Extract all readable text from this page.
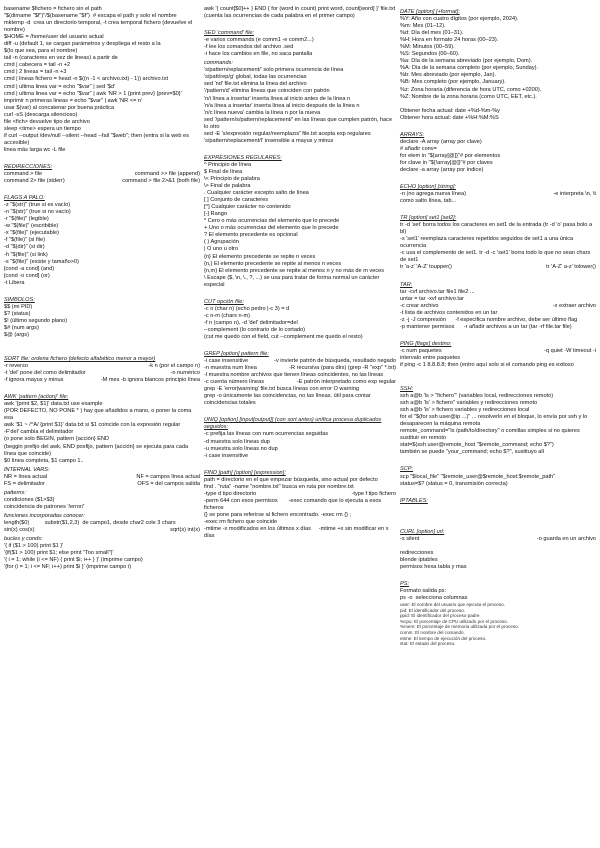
basename $fichero = fichero sin el path
"$(dirname "$f")"/$(basename "$f")  # escapa el path y solo el nombre
mktemp -d  crea un directorio temporal, -t crea temporal fichero (devuelve el nombre)
$HOME = /home/user del usuario actual
diff -u (default 1, se cargan parámetros y despliega el resto a la
$(lo que sea, para el nombre)
tail -n (caracteres en vez de lineas) a partir de
cmd | cabecera = tail -n +2
cmd | 2 lineas = tail -n +3
cmd | lineas fichero = head -n $((n -1 < archivo.txt) - 1)) archivo.txt
cmd | ultima linea var = echo "$var" | sed '$d'
cmd | ultima linea var = echo "$var" | awk 'NR > 1 {print prev} {prev=$0}'
imprimir n primeras lineas = echo "$var" | awk 'NR <= n'
usar $(var) al concatenar por buena práctica
curl -sS (descarga silencioso)
file <fich> devuelve tipo de archivo
sleep <time> espera un tiempo
if curl --output /dev/null --silent --head --fail "$web"; then (entra si la web es accesible)
linea más larga wc -L file
REDIRECCIONES:
command > file	command >> file (append)
command 2> file (stderr)	command > file 2>&1 (both file)
FLAGS A PALO:
-z "$(str)" (true si es vacío)
-n "$(str)" (true si no vacío)
-r "$(file)" (legible)
-w "$(file)" (escribible)
-x "$(file)" (ejecutable)
-f "$(file)" (si file)
-d "$(dir)" (si dir)
-h "$(file)" (si link)
-s "$(file)" (existe y tamaño>0)
[cond -a cond] (and)
[cond -o cond] (or)
-t Libera
SIMBOLOS:
$$ (mi PID)
$? (status)
$! (último segundo plano)
$# (num args)
$@ (args)
SORT file: ordena fichero (defecto alfabético menor a mayor)
-r reverso	-k n (por el campo n)
-t 'del' pone del como delimitador	-n numérico
-f ignora mayus y minus	-M mes -b ignora blancos principio línea
AWK 'pattern {action}' file:
awk '{print $2, $1}' data.txt use example
(POR DEFECTO, NO PONE * ) hay que añadidos a mano, o poner la coma esa
awk '$1 ~ /^A/ {print $1}' data.txt si $1 coincide con la expresión regular
-F'del' cambia el delimitador
(o pone solo BEGIN, pattern {acción} END
(beggin prefijo del awk, END posfijo, pattern {acción} se ejecuta para cada línea que coincide)
$0 línea completa, $1 campo 1..
INTERNAL VARS:
NR = línea actual	NF = campos línea actual
FS = delimitador	OFS = del campos salida
patterns:
condiciones ($1>$3)
coincidencia de patrones '/error/'
funciones incorporadas conocer:
length($0)          substr($1,2,3)  de campo1, desde char2 cole 3 chars
sin(x) cos(x)	sqrt(x) int(x)
bucles y conds:
'{ if ($1 > 100) print $1 }'
'{if($1 > 100) print $1; else print "Too small"}'
'{ i = 1; while (i <= NF) { print $i; i++ } }' (imprime campo)
'{for (i = 1; i <= NF; i++) print $i }' (imprime campo i)
awk '{ count[$0]++ } END { for (word in count) print word, count[word] }' file.txt
(cuenta las ocurrencias de cada palabra en el primer campo)
SED 'command' file:
-e varios commands (e comm1 -e comm2...)
-f lee los comandos del archivo .sed
-i hace los cambios en file, no saca pantalla
commands:
's/pattern/replacement/' solo primera ocurrencia de línea
's/patt/rep/g' global, todas las ocurrencias
sed 'nd' file.txt elimina la línea del archivo
'/pattern/d' elimina líneas que coinciden con patrón
'n/i línea a insertar' inserta línea al inicio antes de la línea n
'n/a línea a insertar' inserta línea al inicio después de la línea n
'n/c línea nueva' cambia la línea n por la nueva
sed '/pattern/s/pattern/replacement/' en las líneas que cumplen patrón, hace lo otro
sed -E 's/expresión regular/reemplazo/' file.txt acepta exp regulares
's/pattern/replacement/I' insensible a mayus y minus
EXPRESIONES REGULARES:
^ Principio de línea
$ Final de línea
\< Principio de palabra
\> Final de palabra
. Cualquier carácter excepto salto de línea
[ ] Conjunto de caracteres
[^] Cualquier carácter no contenido
[-] Rango
* Cero o más ocurrencias del elemento que lo precede
+ Uno o más ocurrencias del elemento que lo precede
? El elemento precedente es opcional
( ) Agrupación
| O uno u otro
{n} El elemento precedente se repite n veces
{n,} El elemento precedente se repite al menos n veces
{n,m} El elemento precedente se repite al menos n y no más de m veces
\ Escape ($, \n, \., ?, ...) se usa para tratar de forma normal un carácter especial
CUT opción file:
-c n (char n) (echo pedro |-c 3) = d
-c n-m (chars n-m)
-f n (campo n), -d 'del' delimitador=del
--complement (lo contrario de lo cortado)
(cut me quedo con el field, cut --complement me quedo el resto)
GREP [option] pattern file:
-i case insensitive	-v invierte patrón de búsqueda, resultado negado
-n muestra num línea	-R recursiva (para dirs) (grep -R "exp" *.txt)
-l muestra nombre archivos que tienen líneas coincidentes, no las líneas
-c cuenta número líneas	-E patrón interpretado como exp regular
grep -E 'error|warning' file.txt busca líneas con error O warning
grep -o únicamente las coincidencias, no las líneas. útil para contar coincidencias totales
UNIQ [option] [input[output]] (con sort antes) unifica procesa duplicados seguidos:
-c prefija las líneas con num ocurrencias seguidas
-d muestra solo líneas dup
-u muestra solo líneas no dup
-i case insensitive
FIND [path] [option] [expression]:
path = directorio en el que empezar búsqueda, sino actual por defecto
find . "ruta" -name "nombre.txt" busca en ruta por nombre.txt
-type d tipo directorio	-type f tipo fichero
-perm 644 con esos permisos       -exec comando que lo ejecuta a esos ficheros
{} se pone para referirse al fichero encontrado. -exec rm {} ;
-exec rm fichero que coincide
-mtime -x modificados en los últimos x días     -mtime +x sin modificar en x días
DATE [option] [+format]:
%Y: Año con cuatro dígitos (por ejemplo, 2024).
%m: Mes (01–12).
%d: Día del mes (01–31).
%H: Hora en formato 24 horas (00–23).
%M: Minutos (00–59).
%S: Segundos (00–60).
%a: Día de la semana abreviado (por ejemplo, Dom).
%A: Día de la semana completo (por ejemplo, Sunday).
%b: Mes abreviado (por ejemplo, Jan).
%B: Mes completo (por ejemplo, January).
%z: Zona horaria (diferencia de hora UTC, como +0200).
%Z: Nombre de la zona horaria (como UTC, EET, etc.).
Obtener fecha actual: date +%d-%m-%y
Obtener hora actual: date +%H:%M:%S
ARRAYS:
declare -A array (array por clave)
# añadir conv=
for elem in "${array[@]}"# por elementos
for clave in "${!array[@]}"# por claves
declare -a array (array por índice)
ECHO [option] [string]:
-n (no agrega nueva línea)	-e interpreta \n, \t
como salto línea, tab...
TR [option] set1 [set2]:
tr -d 'set' borra todos los caracteres en set1 de la entrada (tr -d 'o' pasa bolo a bl)
-s 'set1' reemplaza caracteres repetidos seguidos de set1 a una única ocurrencia
-c usa el complemento de set1. tr -d -c 'set1' borra todo lo que no sean chars de set1
tr 'a-z' 'A-Z' toupper()	tr 'A-Z' a-z' tolower()
TAR:
tar -cvf archivo.tar file1 file2 ...
untar = tar -xvf archivo.tar
-c crear archivo	-x extraer archivo
-t lista de archivos contenidos en un tar
-z -j -J compresión      -f especifica nombre archivo, debe ser último flag
-p mantener permisos      -r añadir archivos a un tar (tar -rf file.tar file)
PING [flags] destino:
-c num paquetes	-q quiet -W timeout -i
intervalo entre paquetes
if ping -c 1 8.8.8.8; then (entro aquí solo si el comando ping es exitoso
SSH:
ssh a@b 'ls > "fichero"' (variables local, redirecciones remoto)
ssh a@b 'ls' > fichero" variables y redirecciones remoto
ssh a@b 'ls' > fichero variables y redirecciones local
for el "$(for ssh user@ip ...)" ... resolverlo en el bloque, lo envía por ssh y lo desaparecen la máquina remota
remote_command="ls /path/to/directory" o comillas simples si no quieres sustituir en remoto
stat=$(ssh user@remote_host "$remote_command; echo $?")
también se puede "your_command; echo $?", sustituyo all
SCP:
scp "$local_file" "$remote_user@$remote_host:$remote_path"
status=$? (status = 0, transmisión correcta)
IPTABLES:
CURL [option] url:
-s silent	-o guarda en un archivo
redirecciones
blende iptables
permisos hexa tabla y mas
PS:
Formato salida ps:
ps -o  selecciona columnas
user: El nombre del usuario que ejecuta el proceso.
pid: El identificador del proceso.
ppid: El identificador del proceso padre.
%cpu: El porcentaje de CPU utilizado por el proceso.
%mem: El porcentaje de memoria utilizada por el proceso.
comm: El nombre del comando.
etime: El tiempo de ejecución del proceso.
stat: El estado del proceso.
